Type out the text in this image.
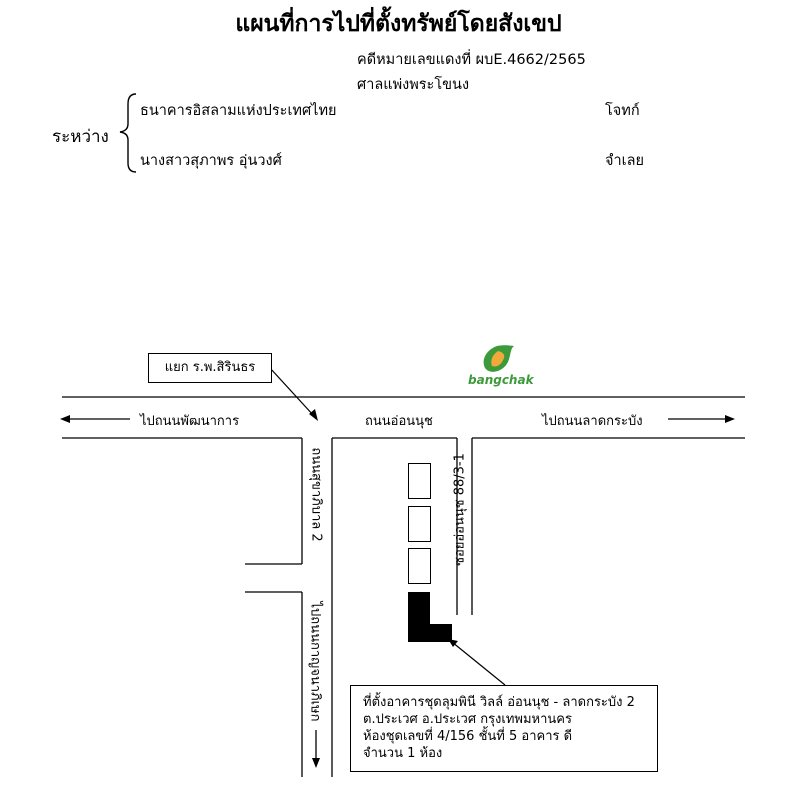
แผนที่การไปที่ตั้งทรัพย์โดยสังเขป
คดีหมายเลขแดงที่ ผบE.4662/2565
ศาลแพ่งพระโขนง
ระหว่าง
ธนาคารอิสลามแห่งประเทศไทย	โจทก์
นางสาวสุภาพร อุ่นวงศ์	จำเลย
แยก ร.พ.สิรินธร
bangchak
ไปถนนพัฒนาการ	ถนนอ่อนนุช	ไปถนนลาดกระบัง
ถนนสุขาภิบาล 2
ไปถนนกาญจนาภิเษก
ซอยอ่อนนุช 88/3-1
ที่ตั้งอาคารชุดลุมพินี วิลล์ อ่อนนุช - ลาดกระบัง 2
ต.ประเวศ อ.ประเวศ กรุงเทพมหานคร
ห้องชุดเลขที่ 4/156 ชั้นที่ 5 อาคาร ดี
จำนวน 1 ห้อง
